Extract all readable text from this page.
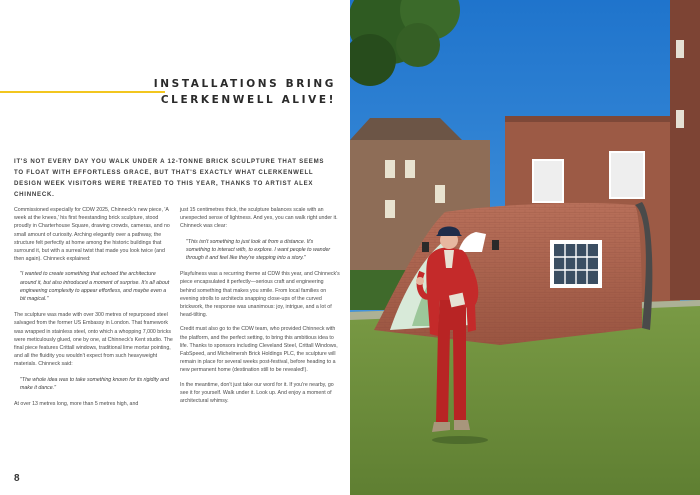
INSTALLATIONS BRING
CLERKENWELL ALIVE!

IT'S NOT EVERY DAY YOU WALK UNDER A 12-TONNE BRICK SCULPTURE THAT SEEMS TO FLOAT WITH EFFORTLESS GRACE, BUT THAT'S EXACTLY WHAT CLERKENWELL DESIGN WEEK VISITORS WERE TREATED TO THIS YEAR, THANKS TO ARTIST ALEX CHINNECK.

Commissioned especially for CDW 2025, Chinneck's new piece, 'A week at the knees,' his first freestanding brick sculpture, stood proudly in Charterhouse Square, drawing crowds, cameras, and no small amount of curiosity. Arching elegantly over a pathway, the structure felt perfectly at home among the historic buildings that surround it, but with a surreal twist that made you look twice (and then again). Chinneck explained:

"I wanted to create something that echoed the architecture around it, but also introduced a moment of surprise. It's all about engineering complexity to appear effortless, and maybe even a bit magical."

The sculpture was made with over 300 metres of repurposed steel salvaged from the former US Embassy in London. That framework was wrapped in stainless steel, onto which a whopping 7,000 bricks were meticulously glued, one by one, at Chinneck's Kent studio. The final piece features Crittall windows, traditional lime mortar pointing, and all the fluidity you wouldn't expect from such heavyweight materials. Chinneck said:

"The whole idea was to take something known for its rigidity and make it dance."

At over 13 metres long, more than 5 metres high, and

just 15 centimetres thick, the sculpture balances scale with an unexpected sense of lightness. And yes, you can walk right under it. Chinneck was clear:

"This isn't something to just look at from a distance. It's something to interact with, to explore. I want people to wander through it and feel like they're stepping into a story."

Playfulness was a recurring theme at CDW this year, and Chinneck's piece encapsulated it perfectly—serious craft and engineering behind something that makes you smile. From local families on evening strolls to architects snapping close-ups of the curved brickwork, the response was unanimous: joy, intrigue, and a lot of head-tilting.

Credit must also go to the CDW team, who provided Chinneck with the platform, and the perfect setting, to bring this ambitious idea to life. Thanks to sponsors including Cleveland Steel, Crittall Windows, FabSpeed, and Michelmersh Brick Holdings PLC, the sculpture will remain in place for several weeks post-festival, before heading to a new permanent home (destination still to be revealed!).

In the meantime, don't just take our word for it. If you're nearby, go see it for yourself. Walk under it. Look up. And enjoy a moment of architectural whimsy.

8
